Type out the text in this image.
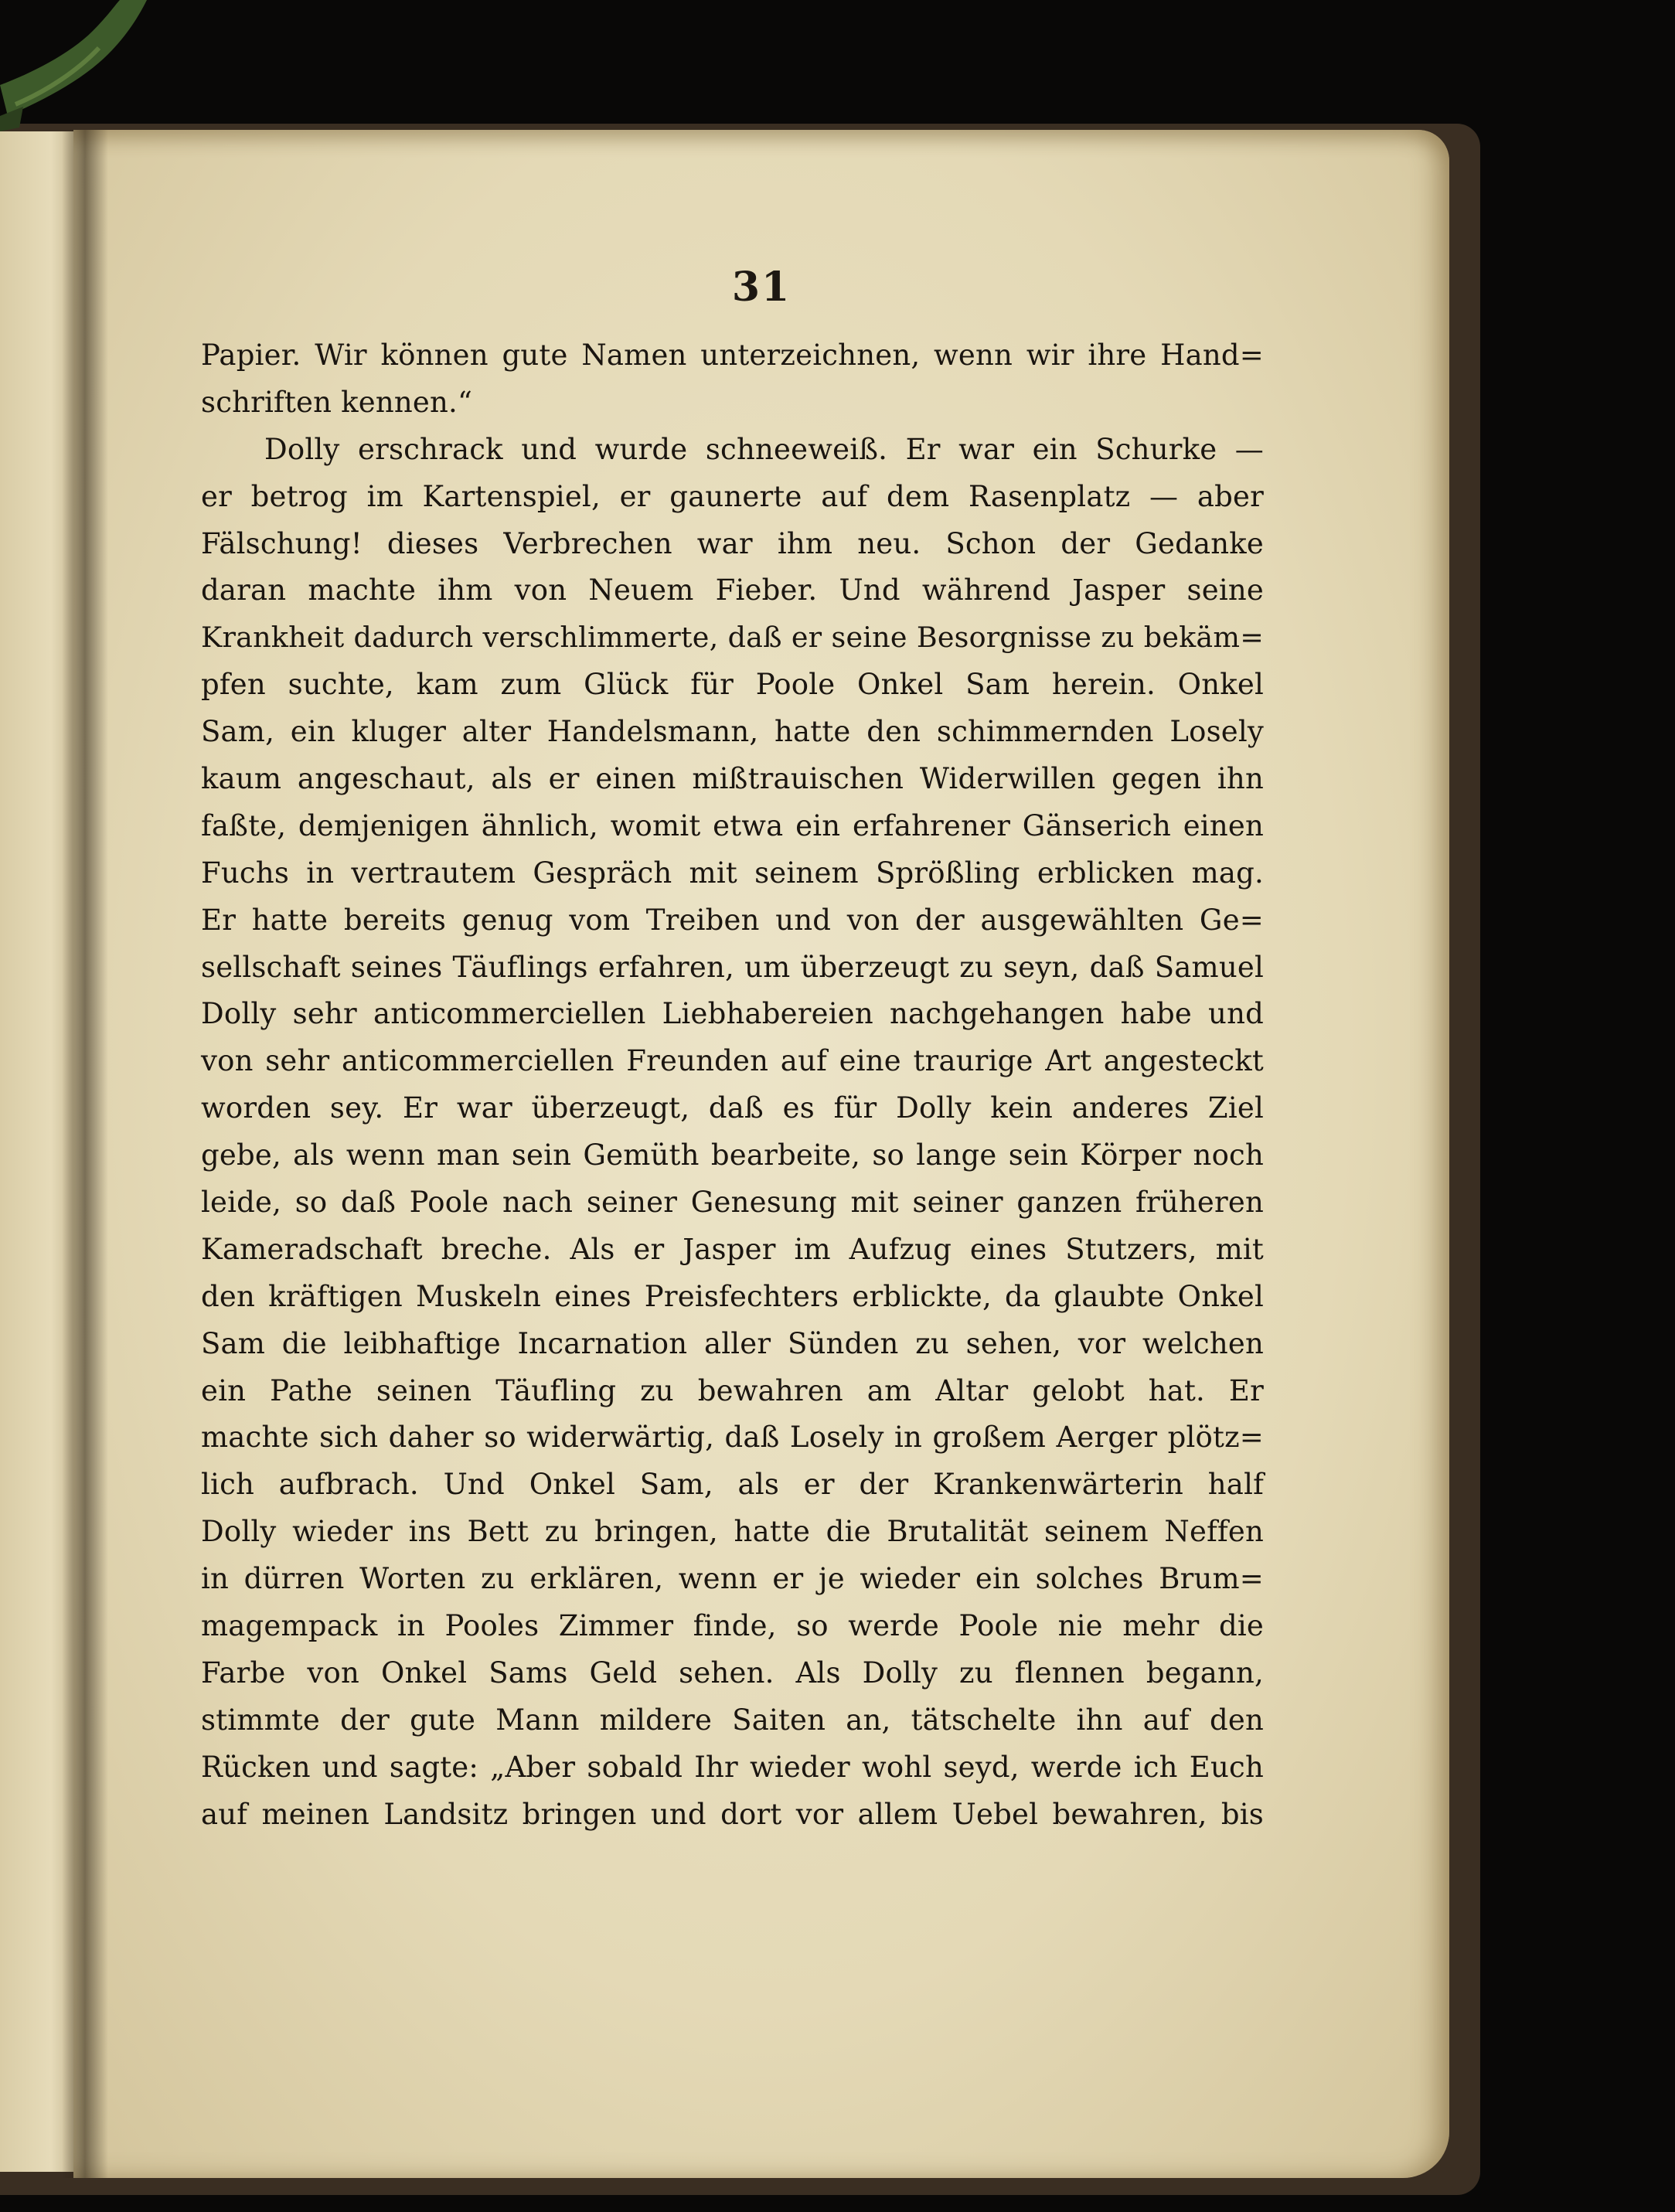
31
Papier. Wir können gute Namen unterzeichnen, wenn wir ihre Hand=
schriften kennen.“
Dolly erschrack und wurde schneeweiß. Er war ein Schurke —
er betrog im Kartenspiel, er gaunerte auf dem Rasenplatz — aber
Fälschung! dieses Verbrechen war ihm neu. Schon der Gedanke
daran machte ihm von Neuem Fieber. Und während Jasper seine
Krankheit dadurch verschlimmerte, daß er seine Besorgnisse zu bekäm=
pfen suchte, kam zum Glück für Poole Onkel Sam herein. Onkel
Sam, ein kluger alter Handelsmann, hatte den schimmernden Losely
kaum angeschaut, als er einen mißtrauischen Widerwillen gegen ihn
faßte, demjenigen ähnlich, womit etwa ein erfahrener Gänserich einen
Fuchs in vertrautem Gespräch mit seinem Sprößling erblicken mag.
Er hatte bereits genug vom Treiben und von der ausgewählten Ge=
sellschaft seines Täuflings erfahren, um überzeugt zu seyn, daß Samuel
Dolly sehr anticommerciellen Liebhabereien nachgehangen habe und
von sehr anticommerciellen Freunden auf eine traurige Art angesteckt
worden sey. Er war überzeugt, daß es für Dolly kein anderes Ziel
gebe, als wenn man sein Gemüth bearbeite, so lange sein Körper noch
leide, so daß Poole nach seiner Genesung mit seiner ganzen früheren
Kameradschaft breche. Als er Jasper im Aufzug eines Stutzers, mit
den kräftigen Muskeln eines Preisfechters erblickte, da glaubte Onkel
Sam die leibhaftige Incarnation aller Sünden zu sehen, vor welchen
ein Pathe seinen Täufling zu bewahren am Altar gelobt hat. Er
machte sich daher so widerwärtig, daß Losely in großem Aerger plötz=
lich aufbrach. Und Onkel Sam, als er der Krankenwärterin half
Dolly wieder ins Bett zu bringen, hatte die Brutalität seinem Neffen
in dürren Worten zu erklären, wenn er je wieder ein solches Brum=
magempack in Pooles Zimmer finde, so werde Poole nie mehr die
Farbe von Onkel Sams Geld sehen. Als Dolly zu flennen begann,
stimmte der gute Mann mildere Saiten an, tätschelte ihn auf den
Rücken und sagte: „Aber sobald Ihr wieder wohl seyd, werde ich Euch
auf meinen Landsitz bringen und dort vor allem Uebel bewahren, bis
